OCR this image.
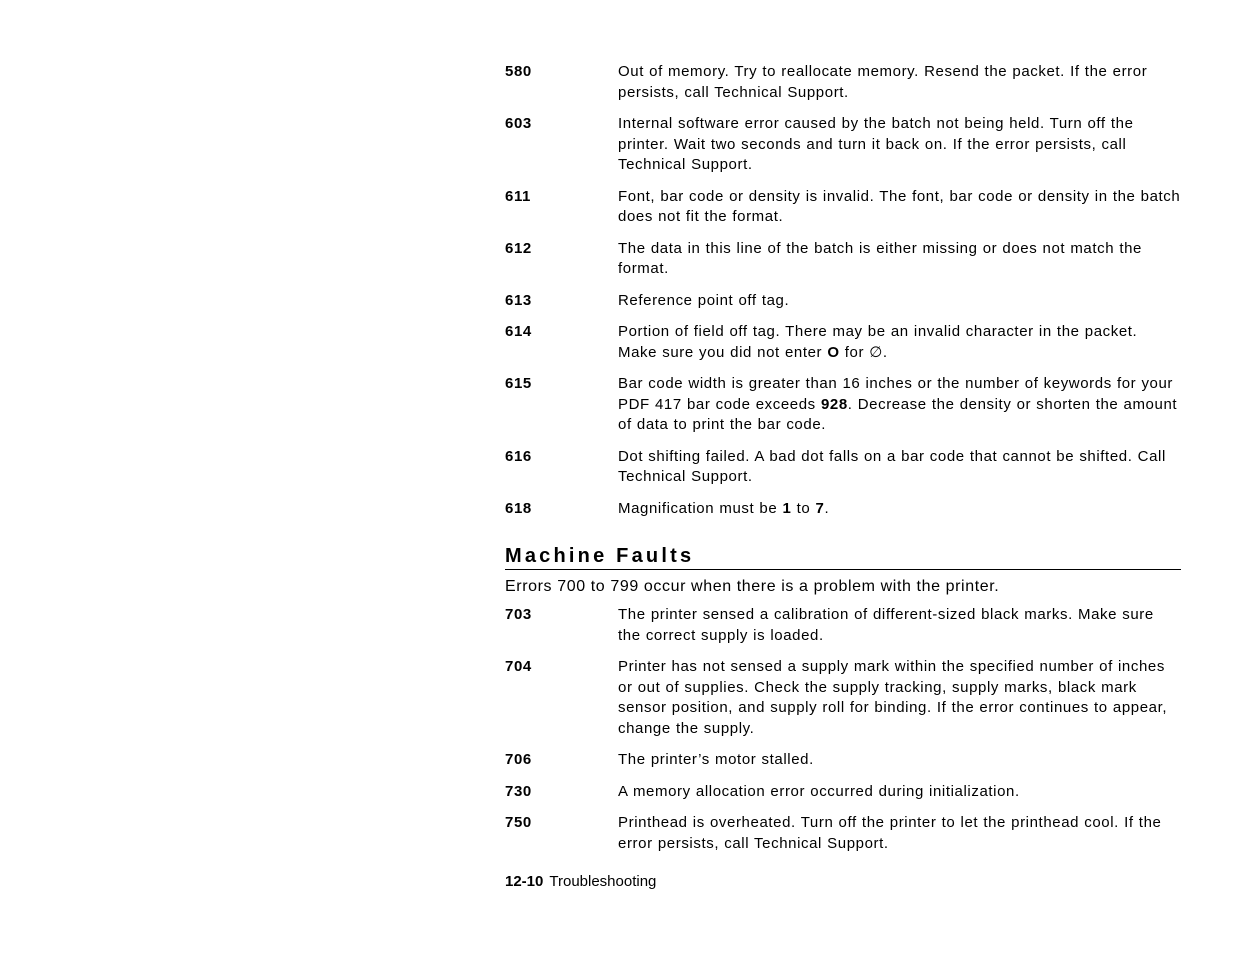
580	Out of memory. Try to reallocate memory. Resend the packet. If the error persists, call Technical Support.
603	Internal software error caused by the batch not being held. Turn off the printer. Wait two seconds and turn it back on. If the error persists, call Technical Support.
611	Font, bar code or density is invalid. The font, bar code or density in the batch does not fit the format.
612	The data in this line of the batch is either missing or does not match the format.
613	Reference point off tag.
614	Portion of field off tag. There may be an invalid character in the packet. Make sure you did not enter O for ∅.
615	Bar code width is greater than 16 inches or the number of keywords for your PDF 417 bar code exceeds 928. Decrease the density or shorten the amount of data to print the bar code.
616	Dot shifting failed. A bad dot falls on a bar code that cannot be shifted. Call Technical Support.
618	Magnification must be 1 to 7.
Machine Faults
Errors 700 to 799 occur when there is a problem with the printer.
703	The printer sensed a calibration of different-sized black marks. Make sure the correct supply is loaded.
704	Printer has not sensed a supply mark within the specified number of inches or out of supplies. Check the supply tracking, supply marks, black mark sensor position, and supply roll for binding. If the error continues to appear, change the supply.
706	The printer’s motor stalled.
730	A memory allocation error occurred during initialization.
750	Printhead is overheated. Turn off the printer to let the printhead cool. If the error persists, call Technical Support.
12-10 Troubleshooting
